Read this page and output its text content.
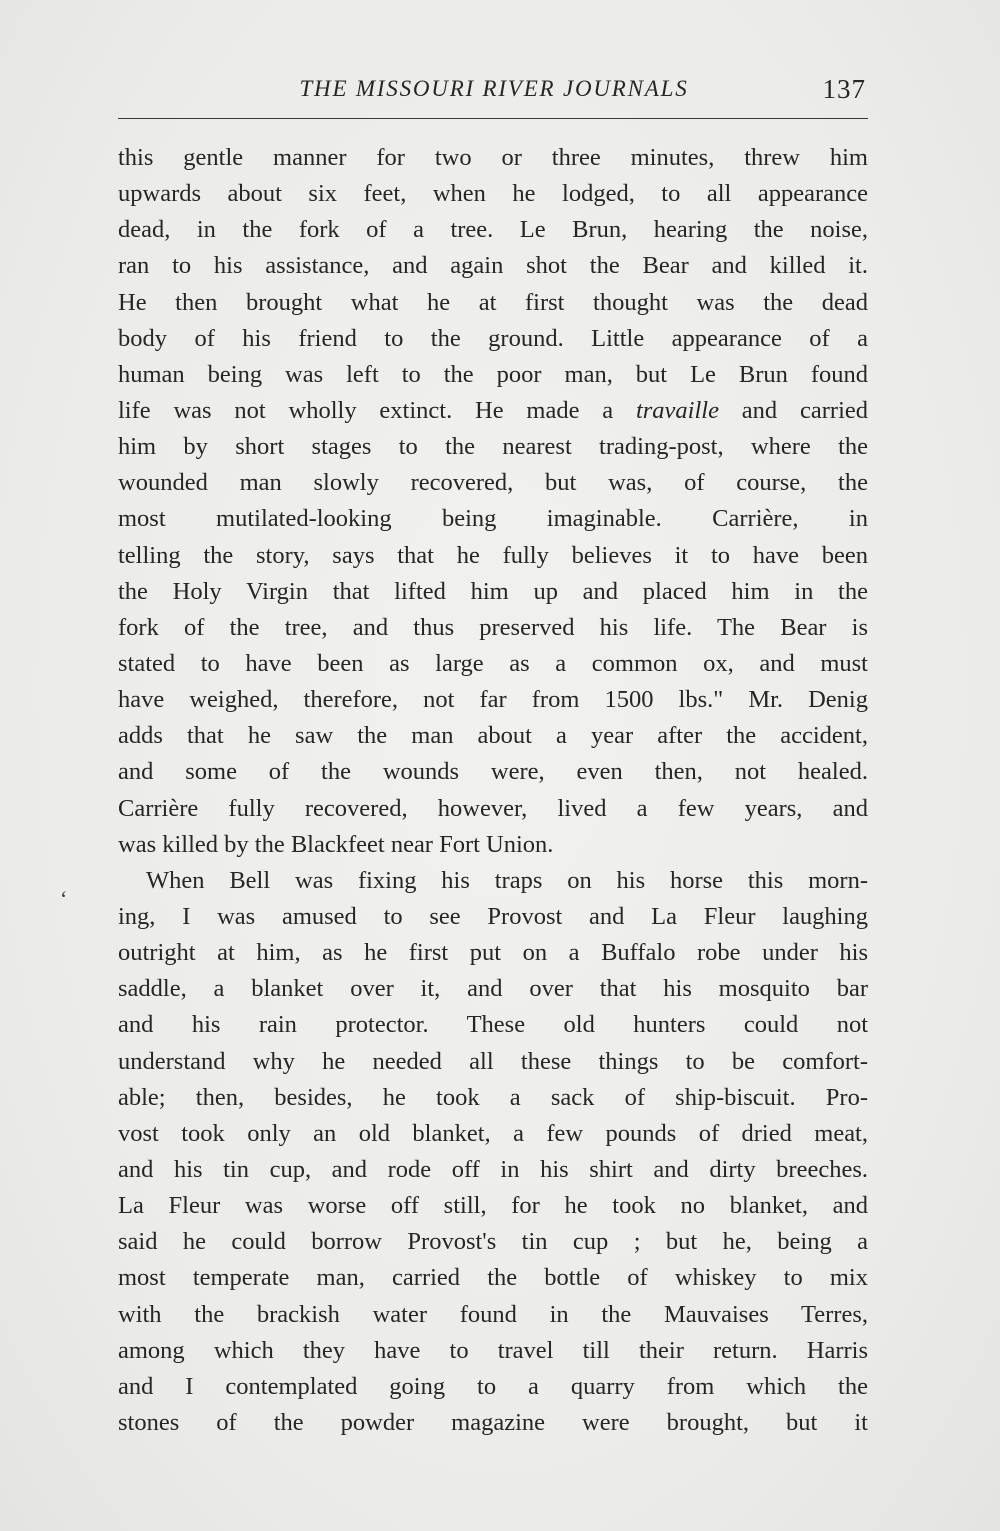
THE MISSOURI RIVER JOURNALS	137
‘
this gentle manner for two or three minutes, threw him
upwards about six feet, when he lodged, to all appearance
dead, in the fork of a tree. Le Brun, hearing the noise,
ran to his assistance, and again shot the Bear and killed it.
He then brought what he at first thought was the dead
body of his friend to the ground. Little appearance of a
human being was left to the poor man, but Le Brun found
life was not wholly extinct. He made a travaille and carried
him by short stages to the nearest trading-post, where the
wounded man slowly recovered, but was, of course, the
most mutilated-looking being imaginable. Carrière, in
telling the story, says that he fully believes it to have been
the Holy Virgin that lifted him up and placed him in the
fork of the tree, and thus preserved his life. The Bear is
stated to have been as large as a common ox, and must
have weighed, therefore, not far from 1500 lbs." Mr. Denig
adds that he saw the man about a year after the accident,
and some of the wounds were, even then, not healed.
Carrière fully recovered, however, lived a few years, and
was killed by the Blackfeet near Fort Union.
When Bell was fixing his traps on his horse this morn-
ing, I was amused to see Provost and La Fleur laughing
outright at him, as he first put on a Buffalo robe under his
saddle, a blanket over it, and over that his mosquito bar
and his rain protector. These old hunters could not
understand why he needed all these things to be comfort-
able; then, besides, he took a sack of ship-biscuit. Pro-
vost took only an old blanket, a few pounds of dried meat,
and his tin cup, and rode off in his shirt and dirty breeches.
La Fleur was worse off still, for he took no blanket, and
said he could borrow Provost's tin cup ; but he, being a
most temperate man, carried the bottle of whiskey to mix
with the brackish water found in the Mauvaises Terres,
among which they have to travel till their return. Harris
and I contemplated going to a quarry from which the
stones of the powder magazine were brought, but it
